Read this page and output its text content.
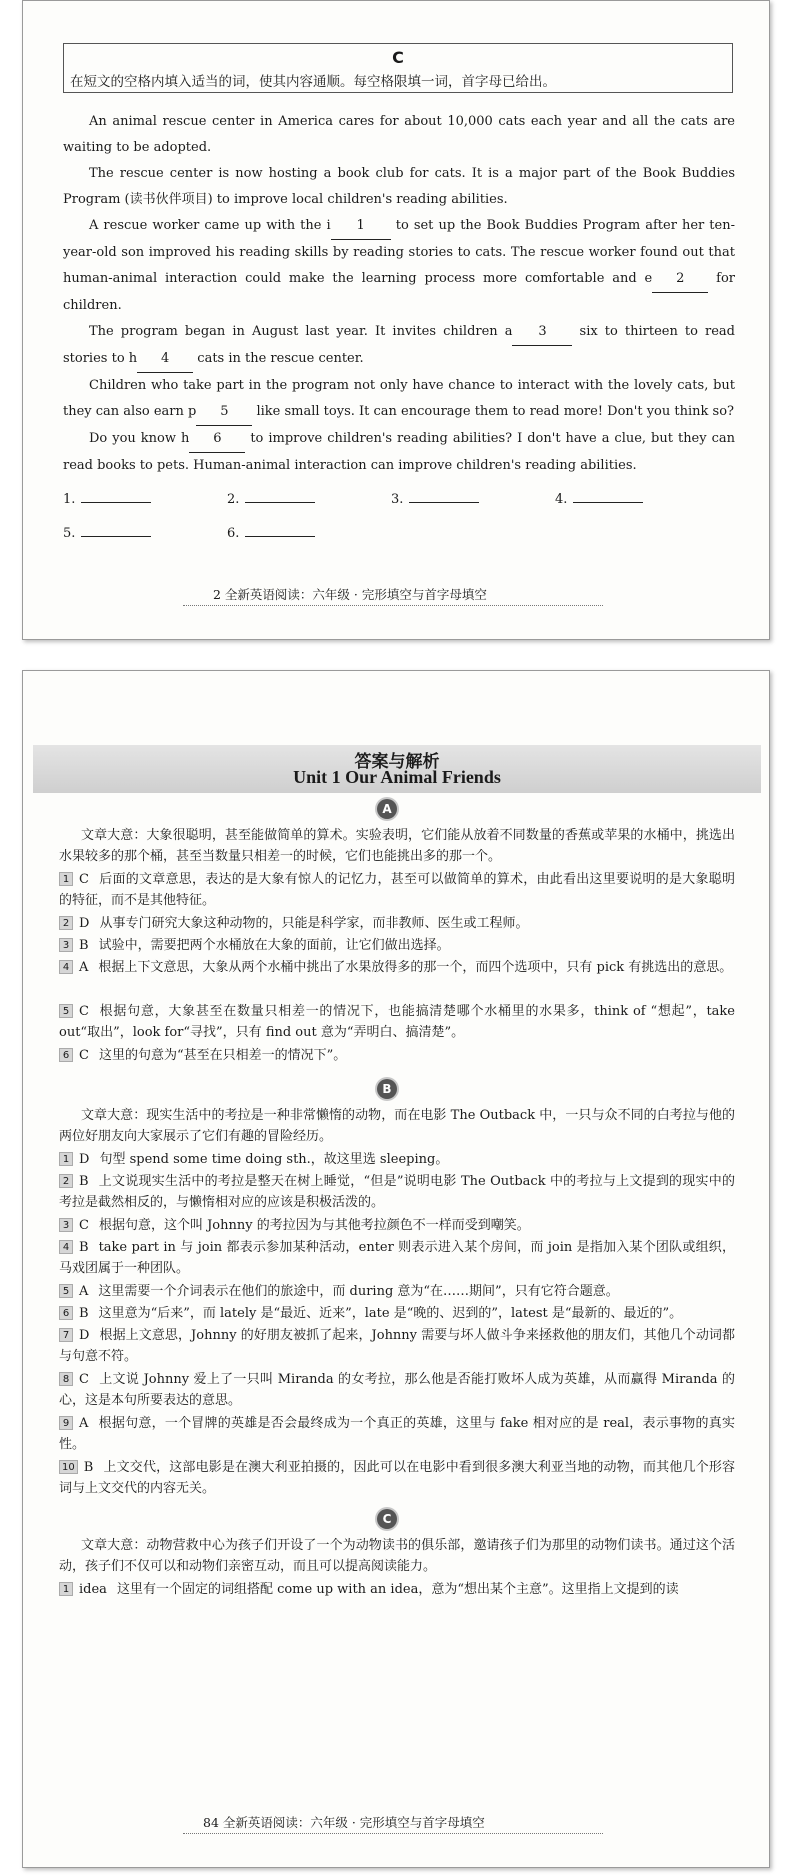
C
在短文的空格内填入适当的词，使其内容通顺。每空格限填一词，首字母已给出。

An animal rescue center in America cares for about 10,000 cats each year and all the cats are waiting to be adopted.

The rescue center is now hosting a book club for cats. It is a major part of the Book Buddies Program (读书伙伴项目) to improve local children's reading abilities.

A rescue worker came up with the i 1 to set up the Book Buddies Program after her ten-year-old son improved his reading skills by reading stories to cats. The rescue worker found out that human-animal interaction could make the learning process more comfortable and e 2 for children.

The program began in August last year. It invites children a 3 six to thirteen to read stories to h 4 cats in the rescue center.

Children who take part in the program not only have chance to interact with the lovely cats, but they can also earn p 5 like small toys. It can encourage them to read more! Don't you think so?

Do you know h 6 to improve children's reading abilities? I don't have a clue, but they can read books to pets. Human-animal interaction can improve children's reading abilities.

1.	2.	3.	4.
5.	6.
2 全新英语阅读：六年级 · 完形填空与首字母填空
答案与解析
Unit 1 Our Animal Friends
A
文章大意：大象很聪明，甚至能做简单的算术。实验表明，它们能从放着不同数量的香蕉或苹果的水桶中，挑选出水果较多的那个桶，甚至当数量只相差一的时候，它们也能挑出多的那一个。
1 C 后面的文章意思，表达的是大象有惊人的记忆力，甚至可以做简单的算术，由此看出这里要说明的是大象聪明的特征，而不是其他特征。
2 D 从事专门研究大象这种动物的，只能是科学家，而非教师、医生或工程师。
3 B 试验中，需要把两个水桶放在大象的面前，让它们做出选择。
4 A 根据上下文意思，大象从两个水桶中挑出了水果放得多的那一个，而四个选项中，只有 pick 有挑选出的意思。
5 C 根据句意，大象甚至在数量只相差一的情况下，也能搞清楚哪个水桶里的水果多，think of “想起”，take out“取出”，look for“寻找”，只有 find out 意为“弄明白、搞清楚”。
6 C 这里的句意为“甚至在只相差一的情况下”。
B
文章大意：现实生活中的考拉是一种非常懒惰的动物，而在电影 The Outback 中，一只与众不同的白考拉与他的两位好朋友向大家展示了它们有趣的冒险经历。
1 D 句型 spend some time doing sth.，故这里选 sleeping。
2 B 上文说现实生活中的考拉是整天在树上睡觉，“但是”说明电影 The Outback 中的考拉与上文提到的现实中的考拉是截然相反的，与懒惰相对应的应该是积极活泼的。
3 C 根据句意，这个叫 Johnny 的考拉因为与其他考拉颜色不一样而受到嘲笑。
4 B take part in 与 join 都表示参加某种活动，enter 则表示进入某个房间，而 join 是指加入某个团队或组织，马戏团属于一种团队。
5 A 这里需要一个介词表示在他们的旅途中，而 during 意为“在……期间”，只有它符合题意。
6 B 这里意为“后来”，而 lately 是“最近、近来”，late 是“晚的、迟到的”，latest 是“最新的、最近的”。
7 D 根据上文意思，Johnny 的好朋友被抓了起来，Johnny 需要与坏人做斗争来拯救他的朋友们，其他几个动词都与句意不符。
8 C 上文说 Johnny 爱上了一只叫 Miranda 的女考拉，那么他是否能打败坏人成为英雄，从而赢得 Miranda 的心，这是本句所要表达的意思。
9 A 根据句意，一个冒牌的英雄是否会最终成为一个真正的英雄，这里与 fake 相对应的是 real，表示事物的真实性。
10 B 上文交代，这部电影是在澳大利亚拍摄的，因此可以在电影中看到很多澳大利亚当地的动物，而其他几个形容词与上文交代的内容无关。
C
文章大意：动物营救中心为孩子们开设了一个为动物读书的俱乐部，邀请孩子们为那里的动物们读书。通过这个活动，孩子们不仅可以和动物们亲密互动，而且可以提高阅读能力。
1 idea 这里有一个固定的词组搭配 come up with an idea，意为“想出某个主意”。这里指上文提到的读
84 全新英语阅读：六年级 · 完形填空与首字母填空
